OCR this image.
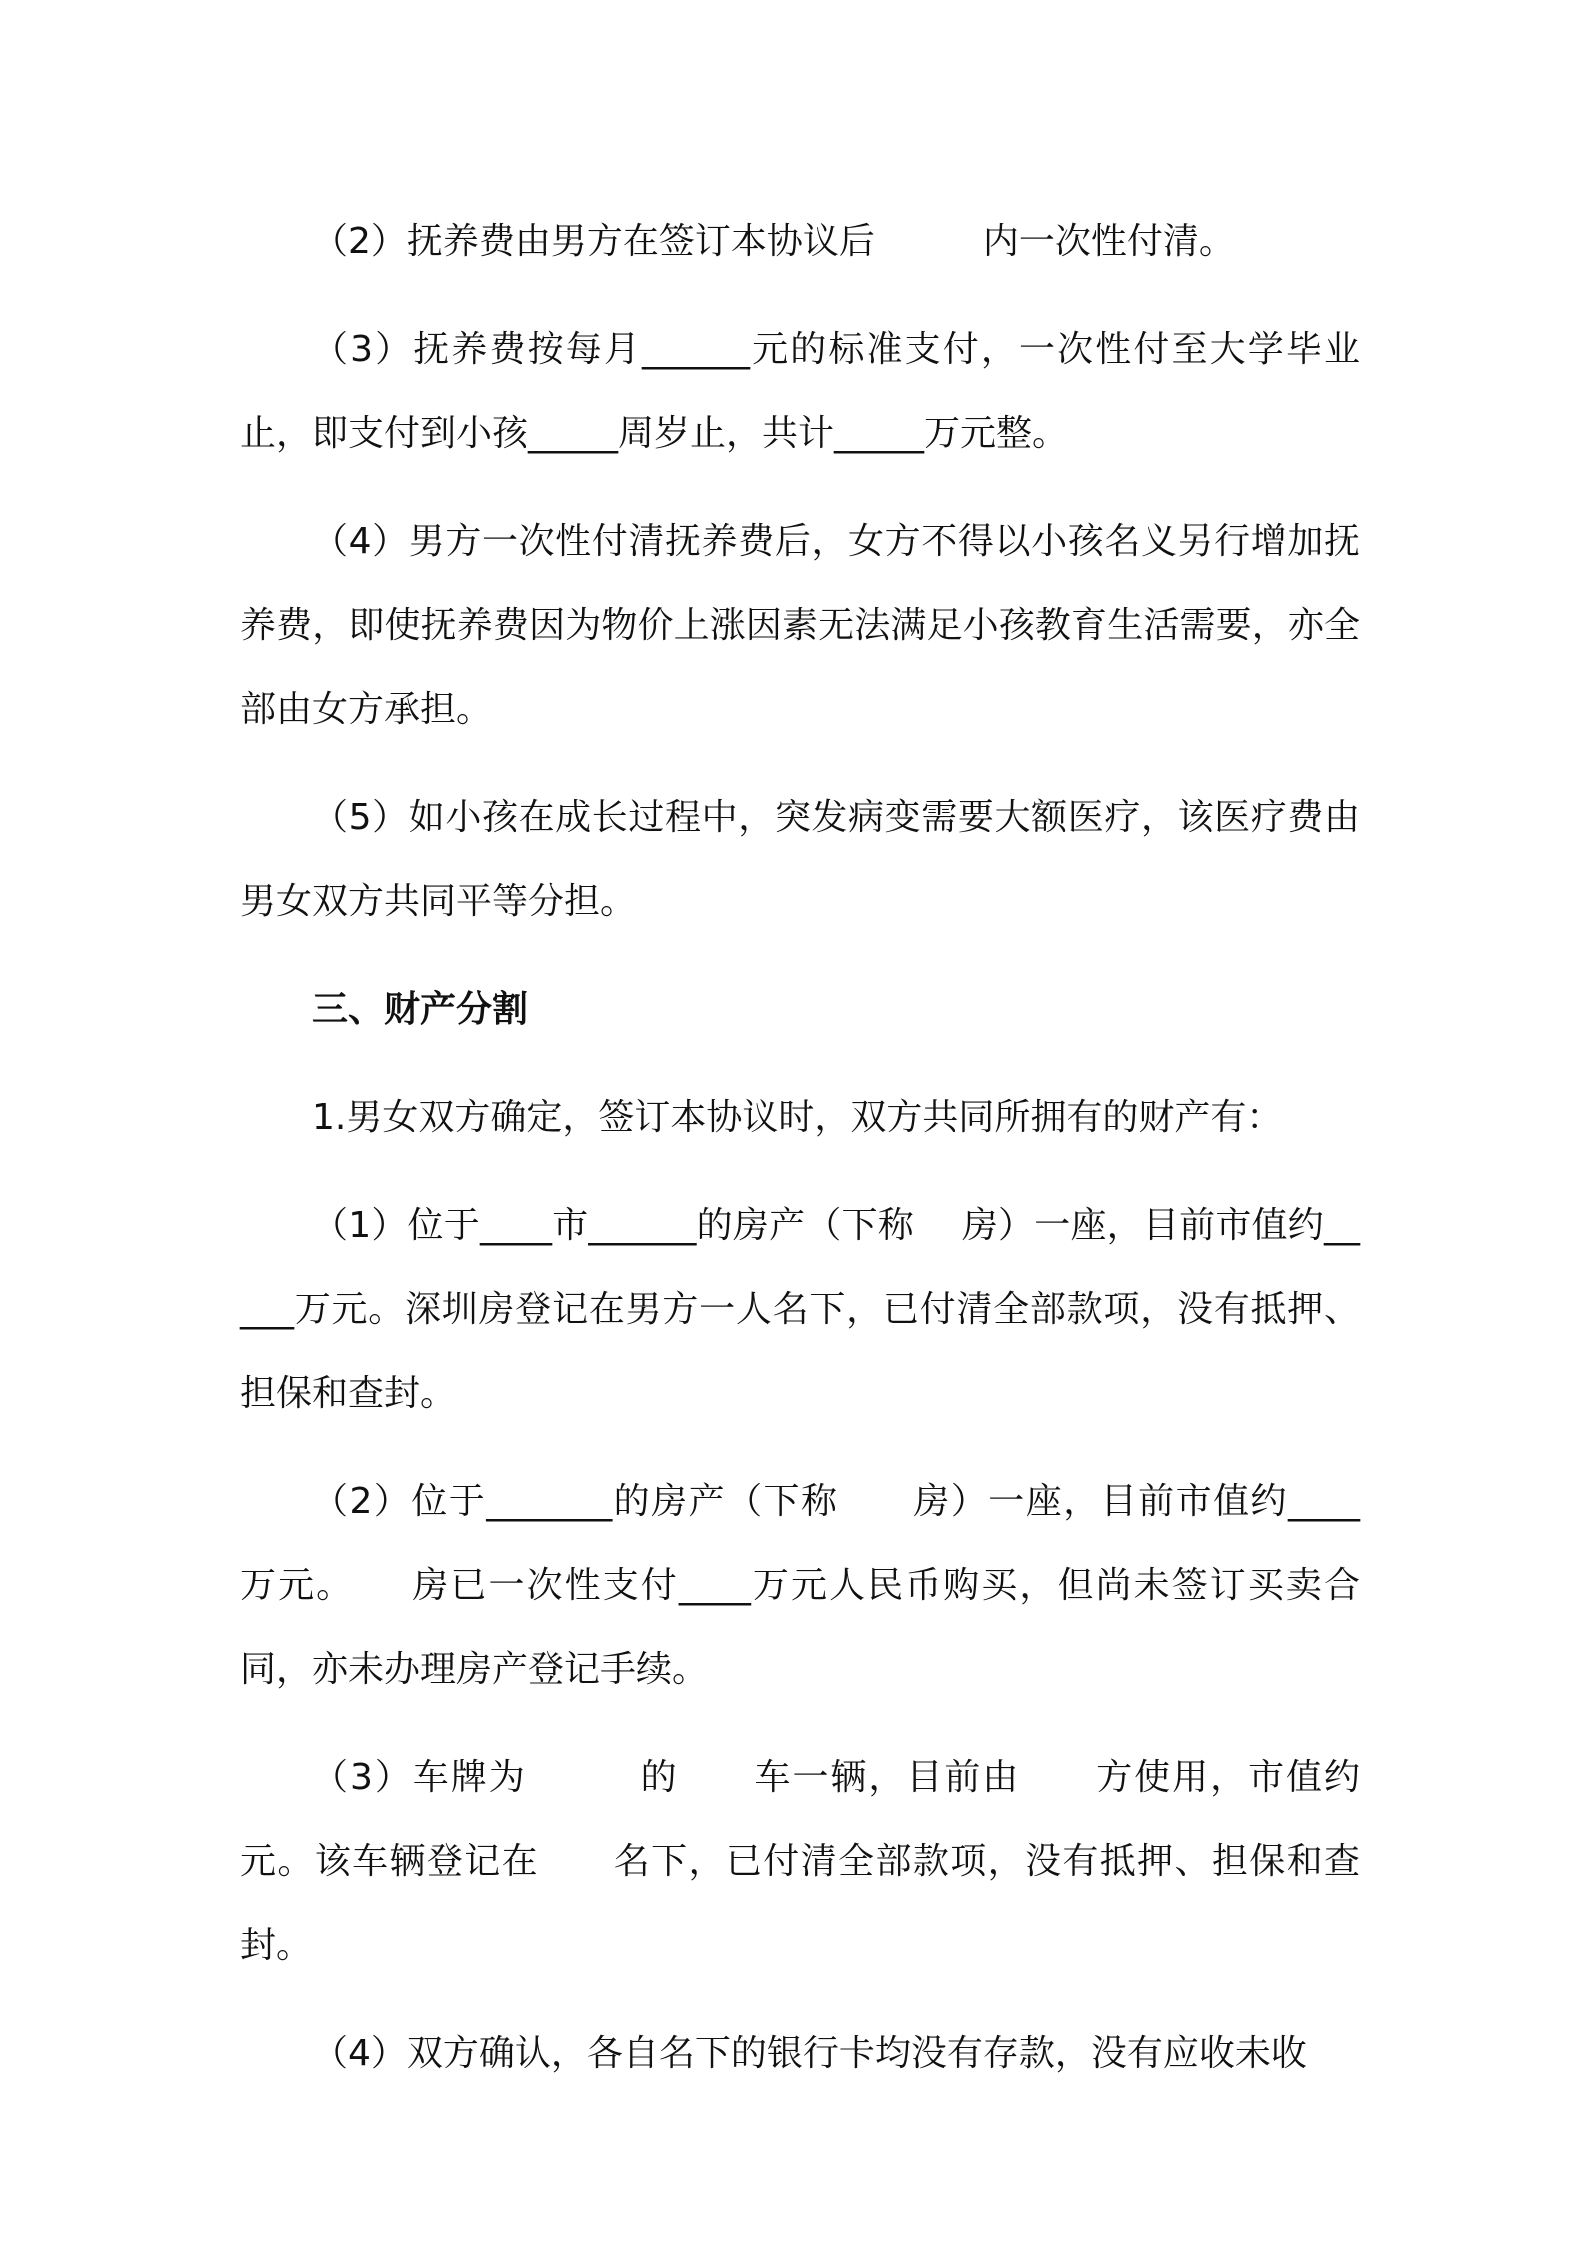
（2）抚养费由男方在签订本协议后　　　内一次性付清。

（3）抚养费按每月______元的标准支付，一次性付至大学毕业止，即支付到小孩_____周岁止，共计_____万元整。

（4）男方一次性付清抚养费后，女方不得以小孩名义另行增加抚养费，即使抚养费因为物价上涨因素无法满足小孩教育生活需要，亦全部由女方承担。

（5）如小孩在成长过程中，突发病变需要大额医疗，该医疗费由男女双方共同平等分担。

三、财产分割

1.男女双方确定，签订本协议时，双方共同所拥有的财产有：

（1）位于____市______的房产（下称　 房）一座，目前市值约_____万元。深圳房登记在男方一人名下，已付清全部款项，没有抵押、担保和查封。

（2）位于_______的房产（下称　　房）一座，目前市值约____万元。　　房已一次性支付____万元人民币购买，但尚未签订买卖合同，亦未办理房产登记手续。

（3）车牌为　　　的　　车一辆，目前由　　方使用，市值约　　元。该车辆登记在　　名下，已付清全部款项，没有抵押、担保和查封。

（4）双方确认，各自名下的银行卡均没有存款，没有应收未收
